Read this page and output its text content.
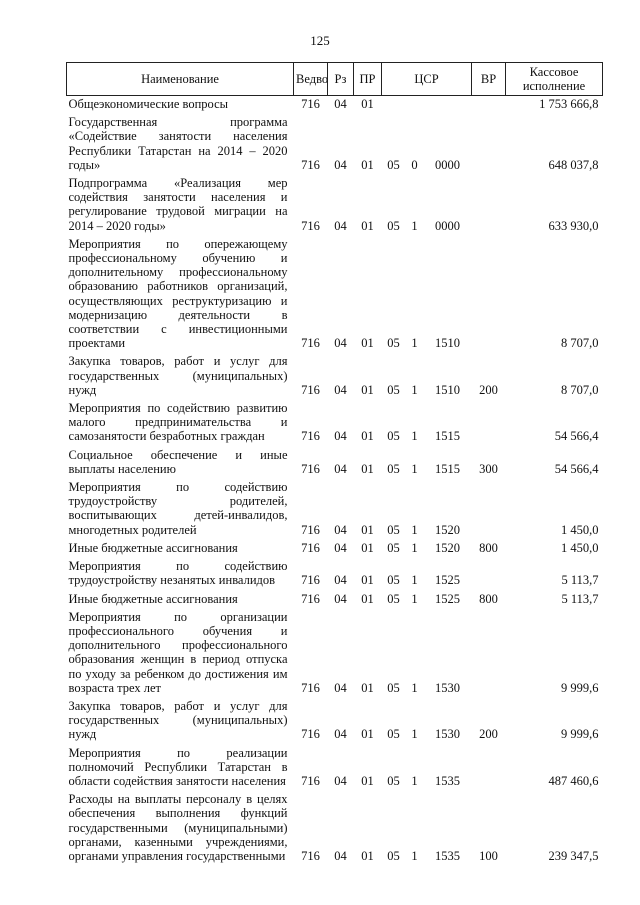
125
Наименование	Ведво	Рз	ПР	ЦСР			ВР	Кассовое исполнение
Общеэкономические вопросы	716	04	01					1 753 666,8
Государственная программа «Содействие занятости населения Республики Татарстан на 2014 – 2020 годы»	716	04	01	05	0	0000		648 037,8
Подпрограмма «Реализация мер содействия занятости населения и регулирование трудовой миграции на 2014 – 2020 годы»	716	04	01	05	1	0000		633 930,0
Мероприятия по опережающему профессиональному обучению и дополнительному профессиональному образованию работников организаций, осуществляющих реструктуризацию и модернизацию деятельности в соответствии с инвестиционными проектами	716	04	01	05	1	1510		8 707,0
Закупка товаров, работ и услуг для государственных (муниципальных) нужд	716	04	01	05	1	1510	200	8 707,0
Мероприятия по содействию развитию малого предпринимательства и самозанятости безработных граждан	716	04	01	05	1	1515		54 566,4
Социальное обеспечение и иные выплаты населению	716	04	01	05	1	1515	300	54 566,4
Мероприятия по содействию трудоустройству родителей, воспитывающих детей-инвалидов, многодетных родителей	716	04	01	05	1	1520		1 450,0
Иные бюджетные ассигнования	716	04	01	05	1	1520	800	1 450,0
Мероприятия по содействию трудоустройству незанятых инвалидов	716	04	01	05	1	1525		5 113,7
Иные бюджетные ассигнования	716	04	01	05	1	1525	800	5 113,7
Мероприятия по организации профессионального обучения и дополнительного профессионального образования женщин в период отпуска по уходу за ребенком до достижения им возраста трех лет	716	04	01	05	1	1530		9 999,6
Закупка товаров, работ и услуг для государственных (муниципальных) нужд	716	04	01	05	1	1530	200	9 999,6
Мероприятия по реализации полномочий Республики Татарстан в области содействия занятости населения	716	04	01	05	1	1535		487 460,6
Расходы на выплаты персоналу в целях обеспечения выполнения функций государственными (муниципальными) органами, казенными учреждениями, органами управления государственными	716	04	01	05	1	1535	100	239 347,5
